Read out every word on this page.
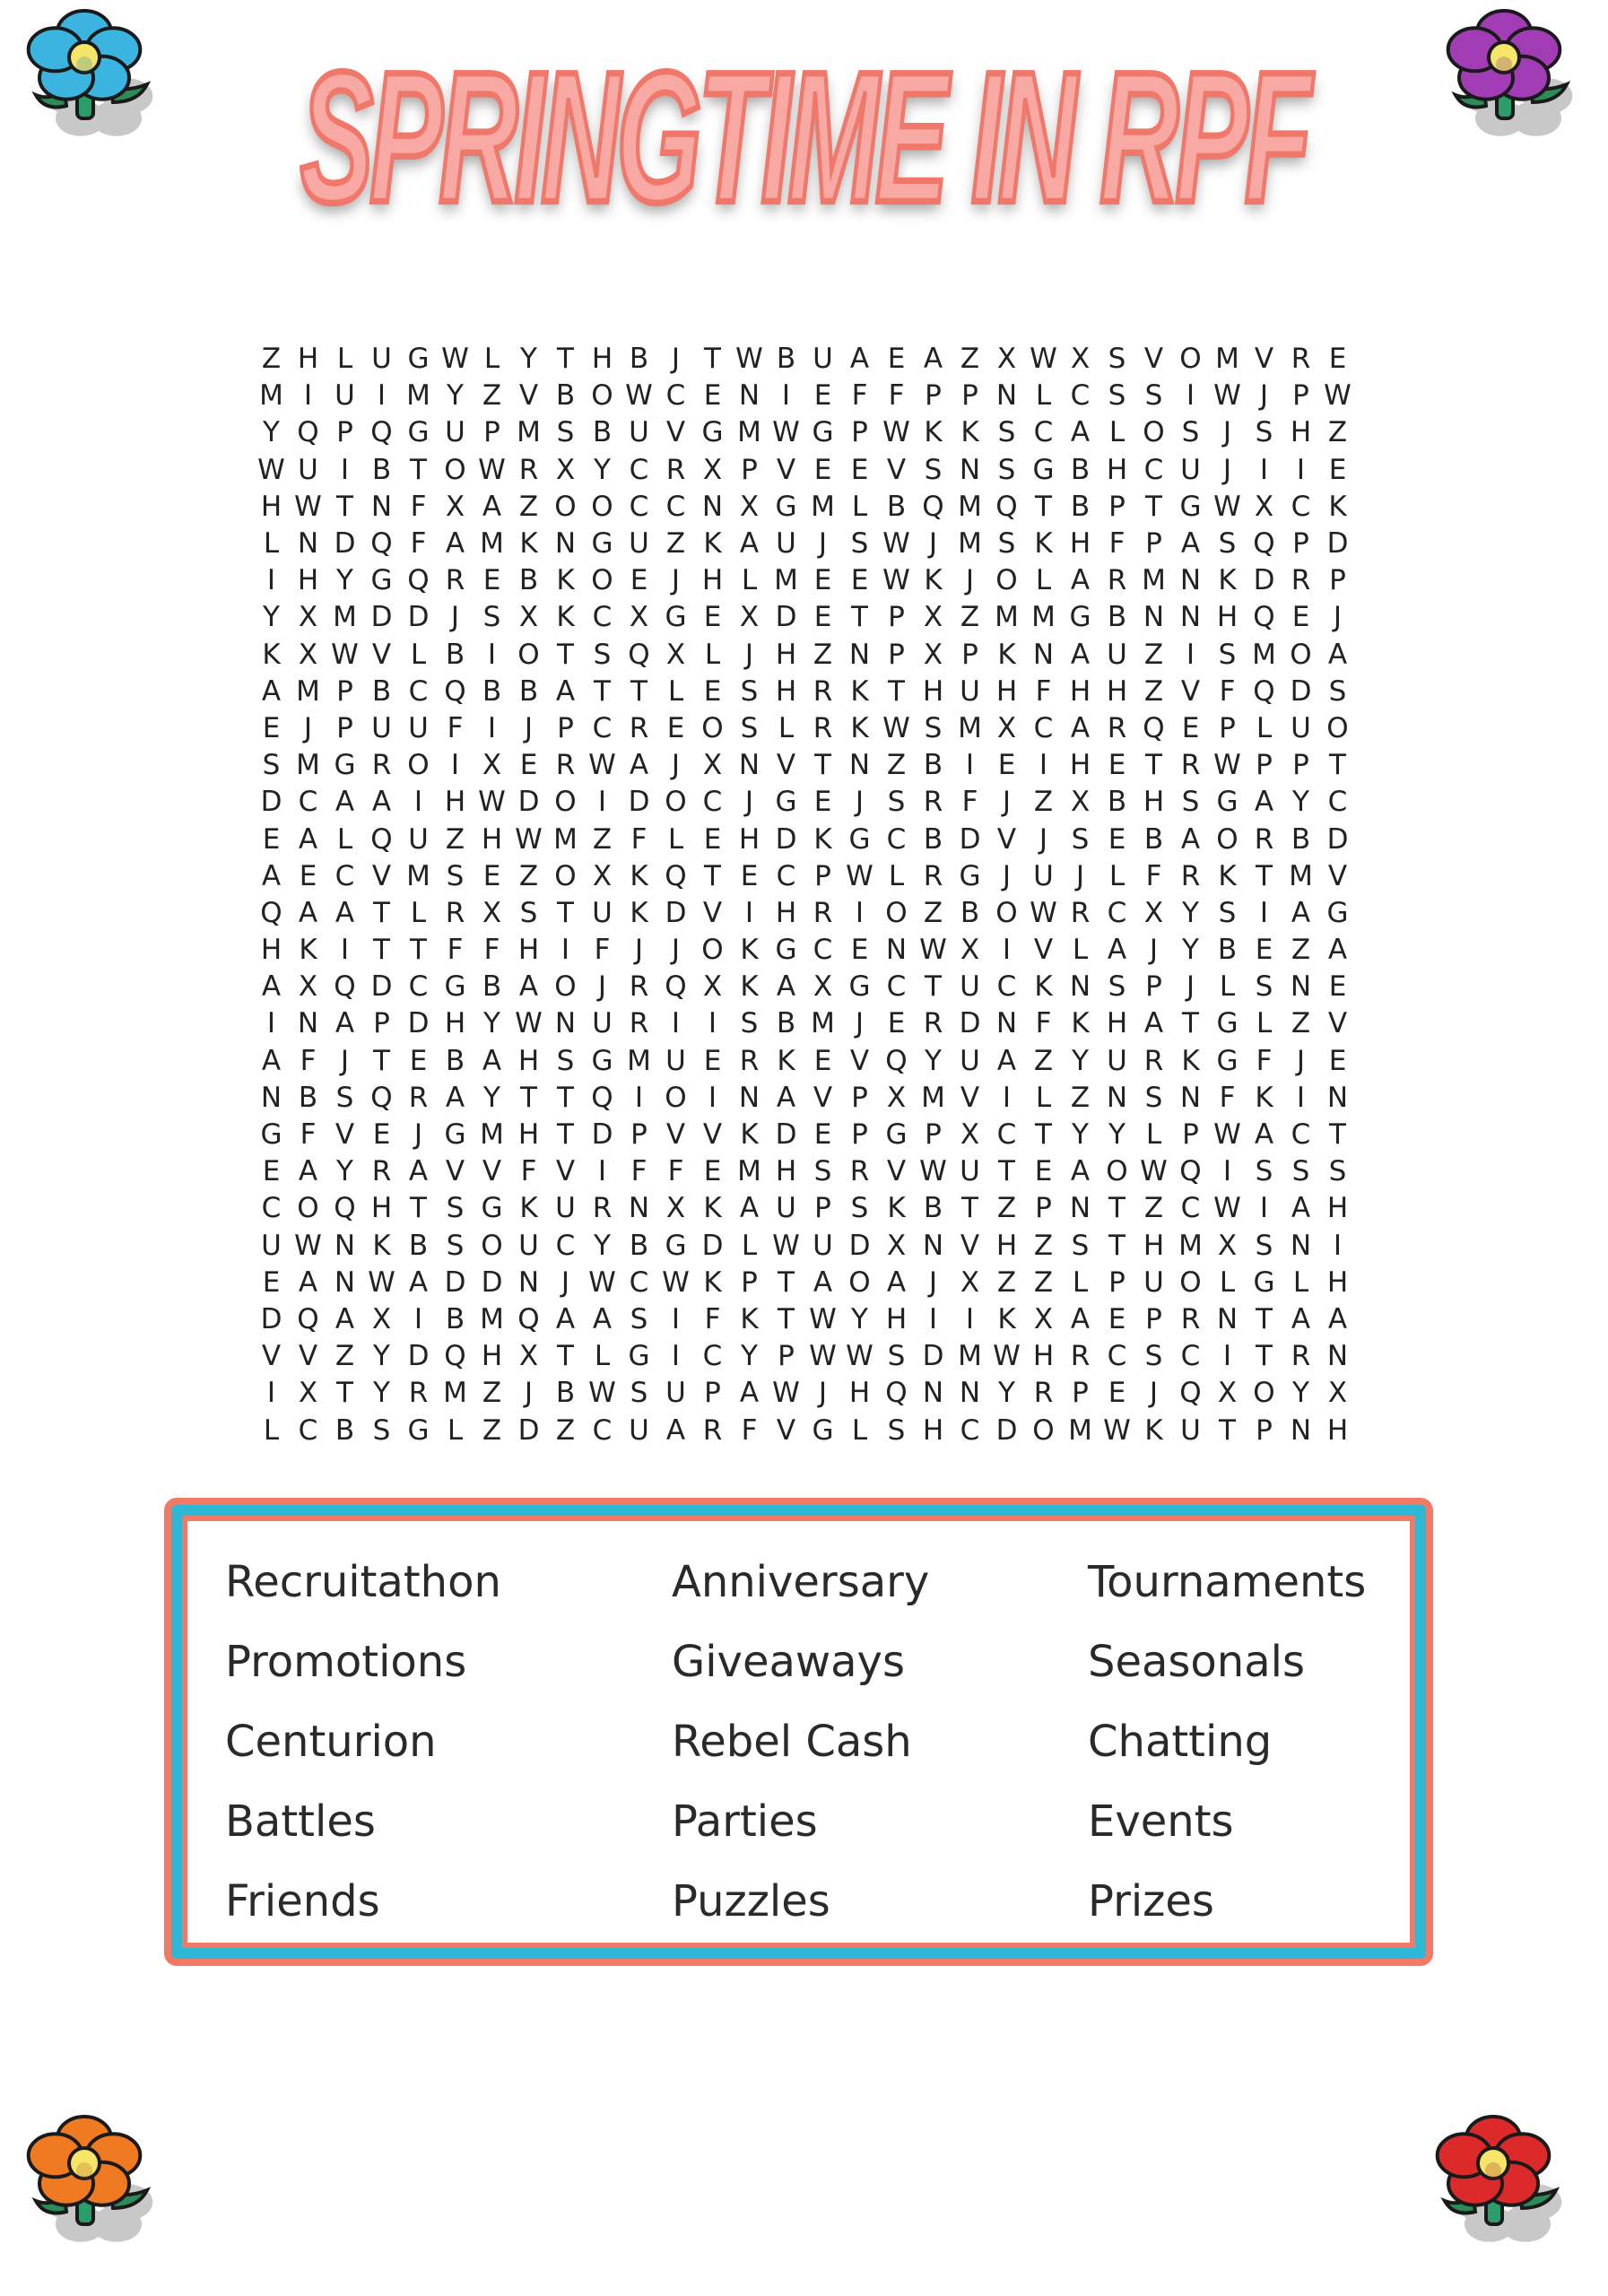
SPRINGTIME IN RPF
Z H L U G W L Y T H B J T W B U A E A Z X W X S V O M V R E
M I U I M Y Z V B O W C E N I E F F P P N L C S S I W J P W
Y Q P Q G U P M S B U V G M W G P W K K S C A L O S J S H Z
W U I B T O W R X Y C R X P V E E V S N S G B H C U J	I	I E
H W T N F X A Z O O C C N X G M L B Q M Q T B P T G W X C K
L N D Q F A M K N G U Z K A U J S W J M S K H F P A S Q P D
I H Y G Q R E B K O E J H L M E E W K J O L A R M N K D R P
Y X M D D J S X K C X G E X D E T P X Z M M G B N N H Q E J
K X W V L B I O T S Q X L J H Z N P X P K N A U Z I S M O A
A M P B C Q B B A T T L E S H R K T H U H F H H Z V F Q D S
E J P U U F I	J P C R E O S L R K W S M X C A R Q E P L U O
S M G R O I X E R W A J X N V T N Z B I E I H E T R W P P T
D C A A I H W D O I D O C J G E J S R F J Z X B H S G A Y C
E A L Q U Z H W M Z F L E H D K G C B D V J S E B A O R B D
A E C V M S E Z O X K Q T E C P W L R G J U J L F R K T M V
Q A A T L R X S T U K D V I H R I O Z B O W R C X Y S I A G
H K I T T F F H I F J	J O K G C E N W X I V L A J Y B E Z A
A X Q D C G B A O J R Q X K A X G C T U C K N S P J L S N E
I N A P D H Y W N U R I	I S B M J E R D N F K H A T G L Z V
A F J T E B A H S G M U E R K E V Q Y U A Z Y U R K G F J E
N B S Q R A Y T T Q I O I N A V P X M V I L Z N S N F K I N
G F V E J G M H T D P V V K D E P G P X C T Y Y L P W A C T
E A Y R A V V F V I F F E M H S R V W U T E A O W Q I S S S
C O Q H T S G K U R N X K A U P S K B T Z P N T Z C W I A H
U W N K B S O U C Y B G D L W U D X N V H Z S T H M X S N I
E A N W A D D N J W C W K P T A O A J X Z Z L P U O L G L H
D Q A X I B M Q A A S I F K T W Y H I	I K X A E P R N T A A
V V Z Y D Q H X T L G I C Y P W W S D M W H R C S C I T R N
I X T Y R M Z J B W S U P A W J H Q N N Y R P E J Q X O Y X
L C B S G L Z D Z C U A R F V G L S H C D O M W K U T P N H
Recruitathon	Anniversary	Tournaments
Promotions	Giveaways	Seasonals
Centurion	Rebel Cash	Chatting
Battles	Parties	Events
Friends	Puzzles	Prizes
